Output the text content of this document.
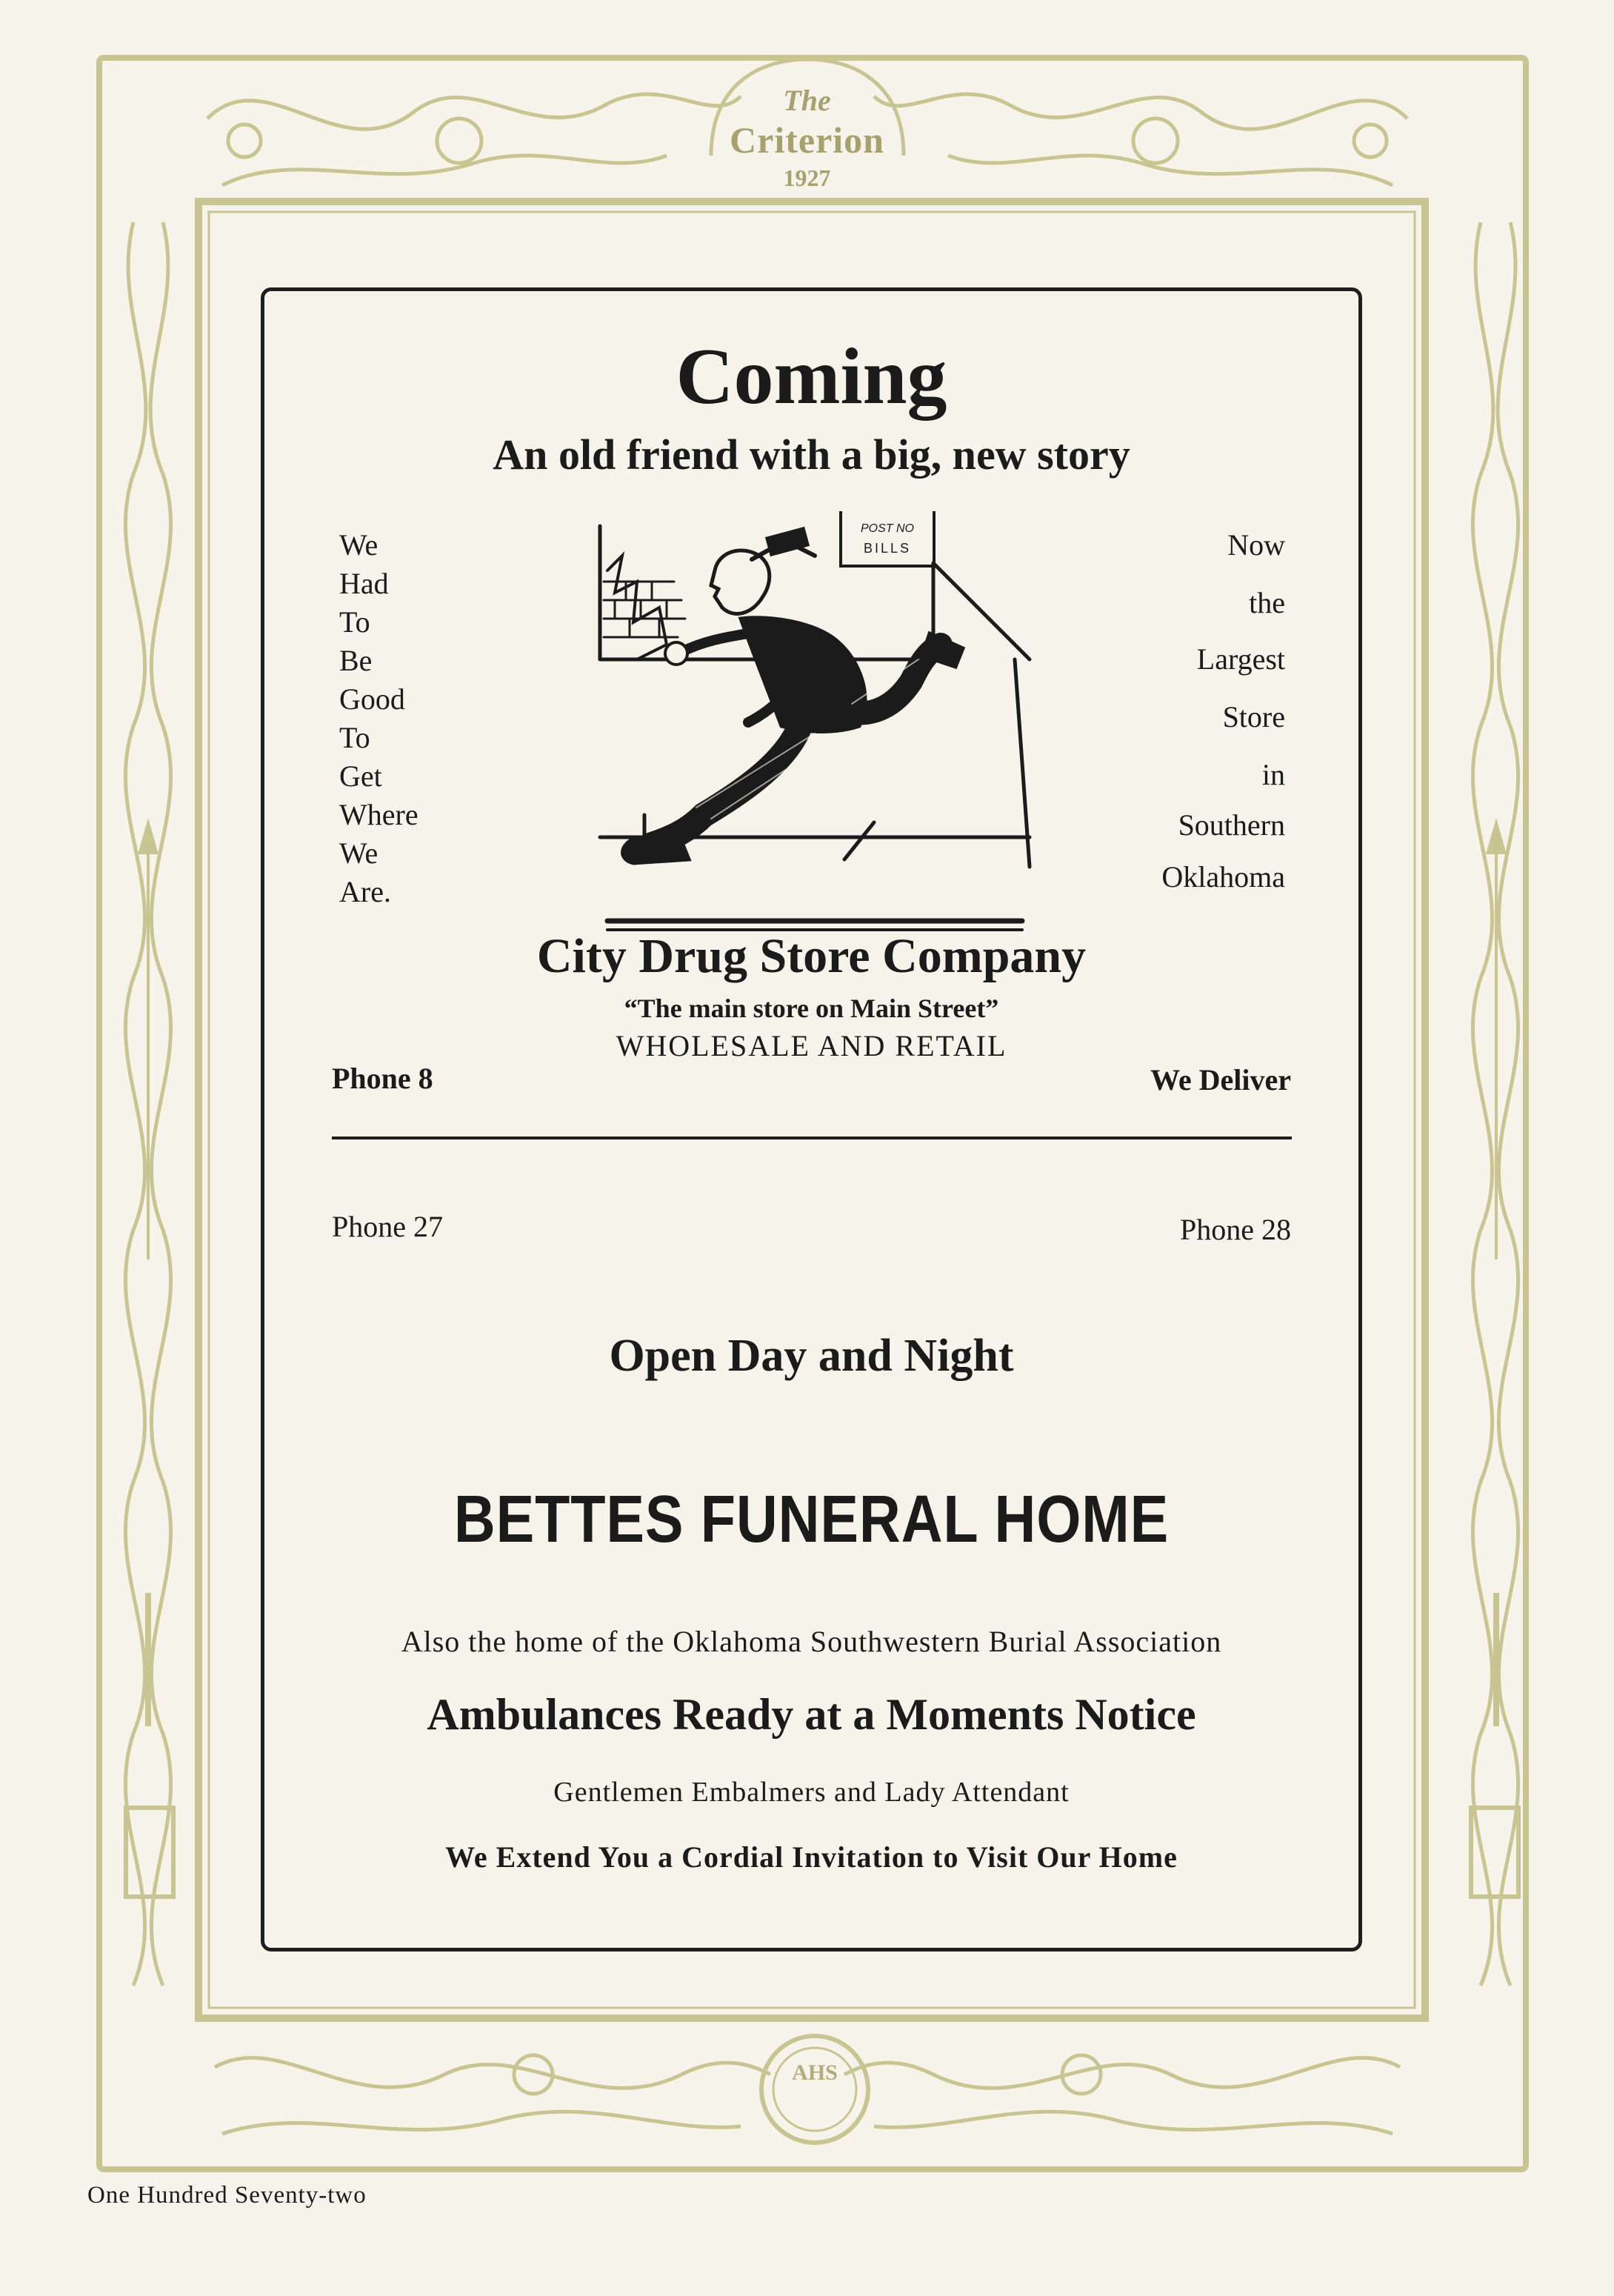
AHS
The
Criterion
1927
Coming
An old friend with a big, new story
We
Had
To
Be
Good
To
Get
Where
We
Are.
Now
the
Largest
Store
in
Southern
Oklahoma
POST NO
BILLS
City Drug Store Company
“The main store on Main Street”
WHOLESALE AND RETAIL
Phone 8	We Deliver
Phone 27	Phone 28
Open Day and Night
BETTES FUNERAL HOME
Also the home of the Oklahoma Southwestern Burial Association
Ambulances Ready at a Moments Notice
Gentlemen Embalmers and Lady Attendant
We Extend You a Cordial Invitation to Visit Our Home
One Hundred Seventy-two
